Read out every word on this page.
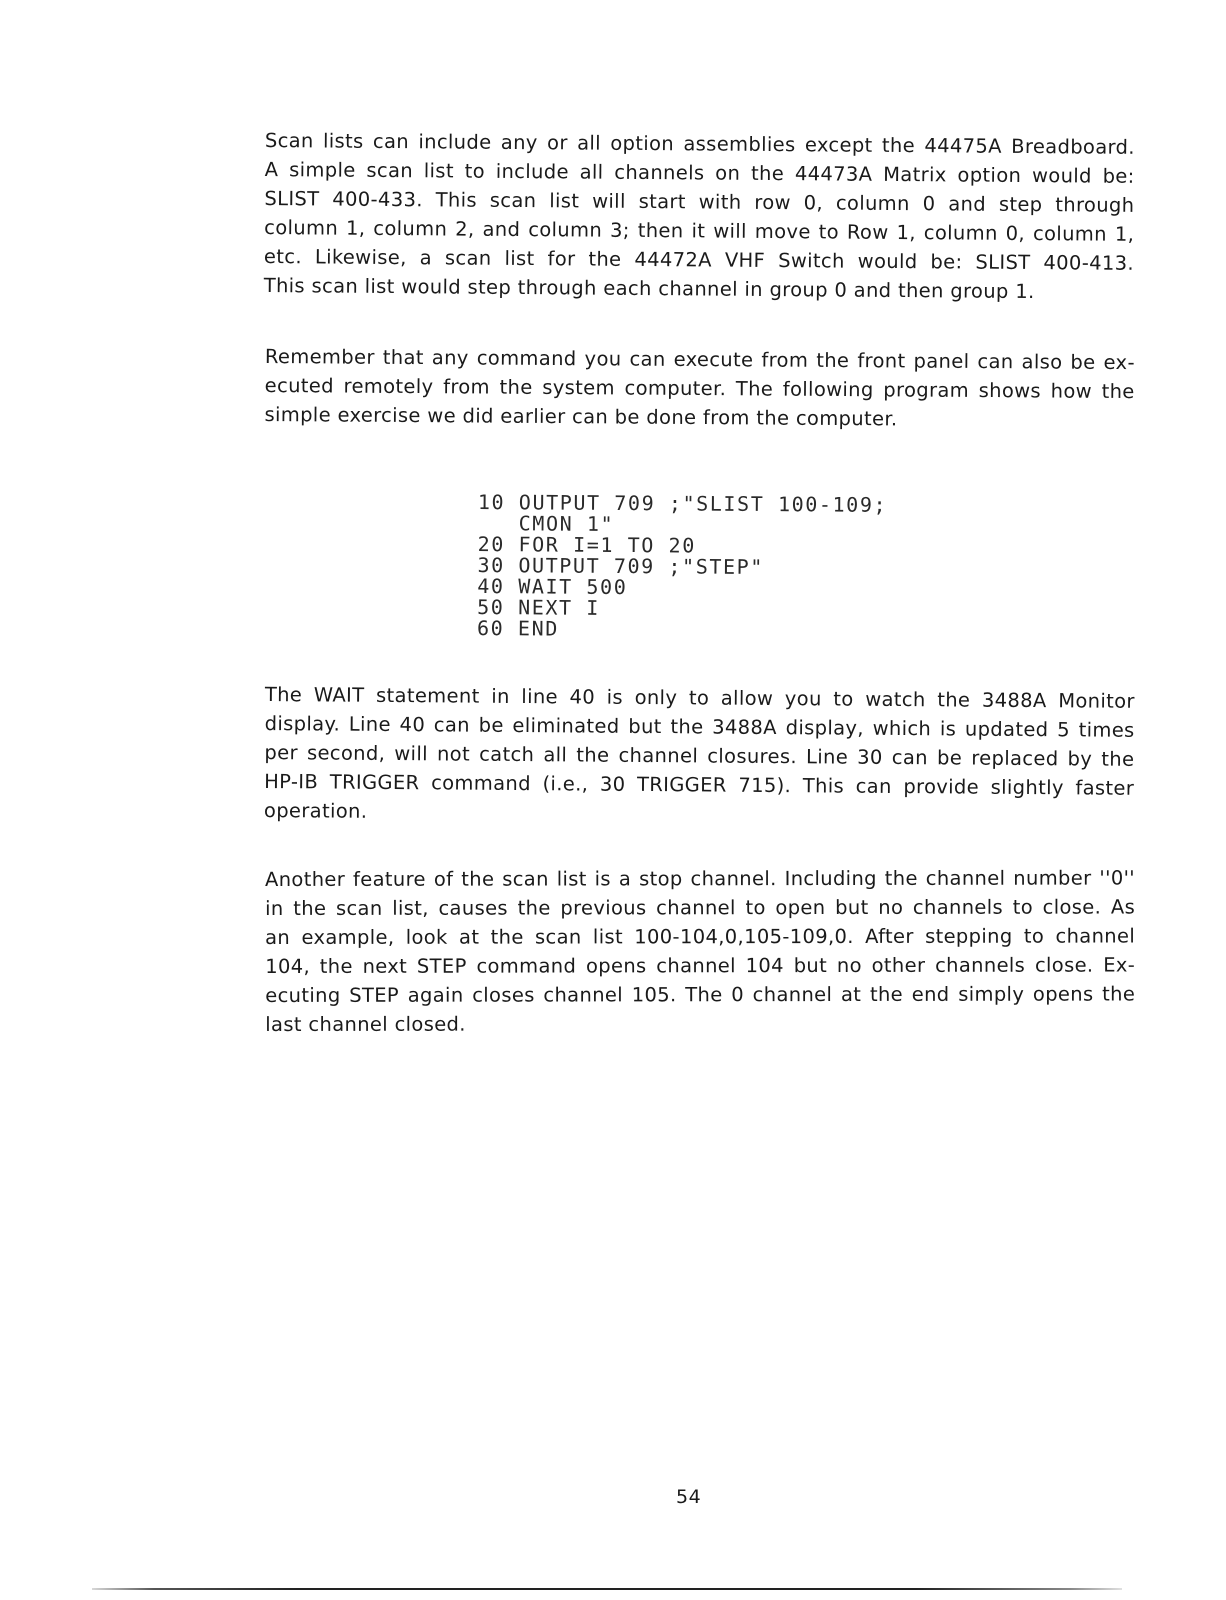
Scan lists can include any or all option assemblies except the 44475A Breadboard.
A simple scan list to include all channels on the 44473A Matrix option would be:
SLIST 400-433. This scan list will start with row 0, column 0 and step through
column 1, column 2, and column 3; then it will move to Row 1, column 0, column 1,
etc. Likewise, a scan list for the 44472A VHF Switch would be: SLIST 400-413.
This scan list would step through each channel in group 0 and then group 1.
Remember that any command you can execute from the front panel can also be ex-
ecuted remotely from the system computer. The following program shows how the
simple exercise we did earlier can be done from the computer.
10 OUTPUT 709 ;"SLIST 100-109;
CMON 1"
20 FOR I=1 TO 20
30 OUTPUT 709 ;"STEP"
40 WAIT 500
50 NEXT I
60 END
The WAIT statement in line 40 is only to allow you to watch the 3488A Monitor
display. Line 40 can be eliminated but the 3488A display, which is updated 5 times
per second, will not catch all the channel closures. Line 30 can be replaced by the
HP-IB TRIGGER command (i.e., 30 TRIGGER 715). This can provide slightly faster
operation.
Another feature of the scan list is a stop channel. Including the channel number ''0''
in the scan list, causes the previous channel to open but no channels to close. As
an example, look at the scan list 100-104,0,105-109,0. After stepping to channel
104, the next STEP command opens channel 104 but no other channels close. Ex-
ecuting STEP again closes channel 105. The 0 channel at the end simply opens the
last channel closed.
54
